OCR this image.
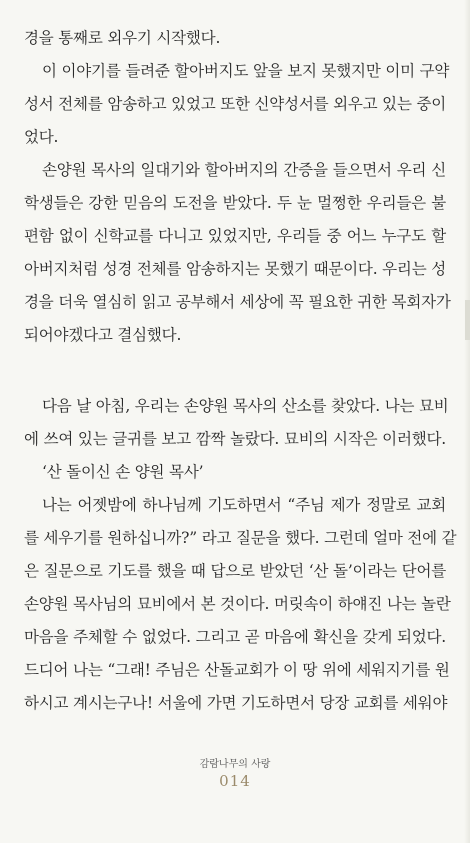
경을 통째로 외우기 시작했다.
이 이야기를 들려준 할아버지도 앞을 보지 못했지만 이미 구약
성서 전체를 암송하고 있었고 또한 신약성서를 외우고 있는 중이
었다.
손양원 목사의 일대기와 할아버지의 간증을 들으면서 우리 신
학생들은 강한 믿음의 도전을 받았다. 두 눈 멀쩡한 우리들은 불
편함 없이 신학교를 다니고 있었지만, 우리들 중 어느 누구도 할
아버지처럼 성경 전체를 암송하지는 못했기 때문이다. 우리는 성
경을 더욱 열심히 읽고 공부해서 세상에 꼭 필요한 귀한 목회자가
되어야겠다고 결심했다.
다음 날 아침, 우리는 손양원 목사의 산소를 찾았다. 나는 묘비
에 쓰여 있는 글귀를 보고 깜짝 놀랐다. 묘비의 시작은 이러했다.
‘산 돌이신 손 양원 목사’
나는 어젯밤에 하나님께 기도하면서 “주님 제가 정말로 교회
를 세우기를 원하십니까?” 라고 질문을 했다. 그런데 얼마 전에 같
은 질문으로 기도를 했을 때 답으로 받았던 ‘산 돌’이라는 단어를
손양원 목사님의 묘비에서 본 것이다. 머릿속이 하얘진 나는 놀란
마음을 주체할 수 없었다. 그리고 곧 마음에 확신을 갖게 되었다.
드디어 나는 “그래! 주님은 산돌교회가 이 땅 위에 세워지기를 원
하시고 계시는구나! 서울에 가면 기도하면서 당장 교회를 세워야
감람나무의 사랑
014
